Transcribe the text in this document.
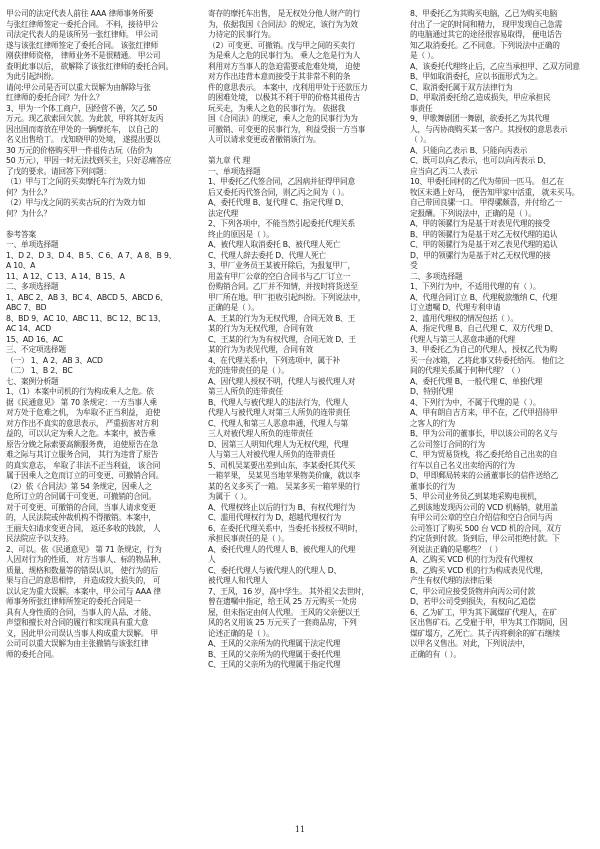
甲公司的法定代表人前往 AAA 律师事务所要
与张红律师签定一委托合同。 不料，接待甲公
司法定代表人的是该所另一张红律师。 甲公司
遂与该张红律师签定了委托合同。 该张红律师
刚获律师资格， 律师业务不是很精通。 甲公司
查明此事以后， 欲解除了该张红律师的委托合同。
为此引起纠纷。
请问:甲公司是否可以重大误解为由解除与张
红律师的委托合同？为什么？
3、甲为一个体工商户，因经营不善，欠乙 50
万元。现乙欲索回欠款。为此款，甲将其好友丙
因出国而寄放在甲处的一辆摩托车， 以自己的
名义出售给丁。 戊知晓甲的处境， 遂提出要以
30 万元的价格购买甲一件祖传古玩（估价为
50 万元），甲因一时无法找到买主，只好忍痛答应
了戊的要求。请回答下列问题：
（1）甲与丁之间的买卖摩托车行为效力如
何？为什么？
（2）甲与戊之间的买卖古玩的行为效力如
何？为什么？

参考答案
一、单项选择题
1、D 2、D 3、D 4、B 5、C 6、A 7、A 8、B 9、
A 10、A
11、A 12、C 13、A 14、B 15、A
二、多项选择题
1、ABC 2、AB 3、BC 4、ABCD 5、ABCD 6、
ABC 7、BD
8、BD 9、AC 10、ABC 11、BC 12、BC 13、
AC 14、ACD
15、AD 16、AC
三、不定项选择题
（一） 1、A 2、AB 3、ACD
（二） 1、B 2、BC
七、案例分析题
1、（1）本案中司机的行为构成乘人之危。依
据《民通意见》 第 70 条规定：一方当事人乘
对方处于危难之机， 为牟取不正当利益， 迫使
对方作出不真实的意思表示， 严重损害对方利
益的，可以认定为乘人之危。本案中，被告乘
原告分娩之际索要高额服务费， 迫使原告在急
难之际与其订立服务合同， 其行为违背了原告
的真实意志， 牟取了非法不正当利益， 该合同
属于因乘人之危而订立的可变更、可撤销合同。
（2）依《合同法》第 54 条规定，因乘人之
危所订立的合同属于可变更、可撤销的合同。
对于可变更、可撤销的合同，当事人请求变更
的，人民法院或仲裁机构不得撤销。本案中，
王丽夫妇请求变更合同， 返还多收的钱款， 人
民法院应予以支持。
2、可以。依《民通意见》 第 71 条规定，行为
人因对行为的性质、 对方当事人、标的物品种、
质量、规格和数量等的错误认识， 使行为的后
果与自己的意思相悖， 并造成较大损失的， 可
以认定为重大误解。本案中，甲公司与 AAA 律
师事务所张红律师所签定的委托合同是一
具有人身性质的合同，当事人的人品、才能、
声望和擅长对合同的履行和实现具有重大意
义，因此甲公司误认当事人构成重大误解。 甲
公司可以重大误解为由主张撤销与该张红律
师的委托合同。
寄存的摩托车出售， 是无权处分他人财产的行
为，依据我国《合同法》的规定，该行为为效
力待定的民事行为。
（2）可变更、可撤销。戊与甲之间的买卖行
为是乘人之危的民事行为。 乘人之危是行为人
利用对方当事人的急迫需要或危难处境， 迫使
对方作出违背本意而接受于其非常不利的条
件的意思表示。 本案中，戊利用甲处于还款压力
的困难处境， 以极其不利于甲的价格其祖传古
玩买走，为乘人之危的民事行为。 依据我
国《合同法》的规定，乘人之危的民事行为为
可撤销、可变更的民事行为，利益受损一方当事
人可以请求变更或者撤销该行为。

第九章 代 理
一、单项选择题
1、甲委托乙代签合同，乙因病并征得甲同意
后又委托丙代签合同，则乙丙之间为（ ）。
A、委托代理 B、复代理 C、指定代理 D、
法定代理
2、下列各项中，不能当然引起委托代理关系
终止的原因是（ ）。
A、被代理人取消委托 B、被代理人死亡
C、代理人辞去委托 D、代理人死亡
3、甲厂业务员王某被开除后，为报复甲厂，
用盖有甲厂公章的空白合同书与乙厂订立一
份购销合同。乙厂并不知情，并按时将货送至
甲厂所在地。甲厂拒收引起纠纷。下列说法中，
正确的是（ ）。
A、王某的行为为无权代理，合同无效 B、王
某的行为为无权代理，合同有效
C、王某的行为为有权代理，合同无效 D、王
某的行为为表见代理，合同有效
4、在代理关系中，下列选项中，属于补
充的连带责任的是（ ）。
A、因代理人授权不明，代理人与被代理人对
第三人所负的连带责任
B、代理人与被代理人的违法行为，代理人
代理人与被代理人对第三人所负的连带责任
C、代理人和第三人恶意串通，代理人与第
三人对被代理人所负的连带责任
D、因第三人明知代理人为无权代理，代理
人与第三人对被代理人所负的连带责任
5、司机吴某要出差到山东，李某委托其代买
一箱苹果， 吴某见当地苹果物美价廉，就以李
某的名义多买了一箱。 吴某多买一箱苹果的行
为属于（ ）。
A、代理权终止以后的行为 B、有权代理行为
C、滥用代理权行为 D、超越代理权行为
6、在委托代理关系中，当委托书授权不明时，
承担民事责任的是（ ）。
A、委托代理人的代理人 B、被代理人的代理
人
C、委托代理人与被代理人的代理人 D、
被代理人和代理人
7、王风，16 岁，高中学生。 其外祖父去世时，
曾在遗嘱中指定，给王风 25 万元购买一处房
屋，但未指定由何人代理。 王风的父亲便以王
风的名义用该 25 万元买了一套商品房，下列
论述正确的是（ ）。
A、王风的父亲所为的代理属于法定代理
B、王风的父亲所为的代理属于委托代理
C、王风的父亲所为的代理属于指定代理
8、甲委托乙为其购买电脑，乙已为购买电脑
付出了一定的时间和精力， 现甲发现自己急需
的电脑通过其它的途径很容易取得， 便电话告
知乙取消委托。乙不同意。下列说法中正确的
是（ ）。
A、该委托代理终止后，乙应当承担甲、乙双方同意
B、甲如取消委托，应以书面形式为之。
C、取消委托属于双方法律行为
D、甲取消委托给乙造成损失，甲应承担民
事责任
9、甲歌舞剧团一舞剧，欲委托乙为其代理
人，与丙协商购买某一客户。其授权的意思表示
（ ）。
A、只能向乙表示 B、只能向丙表示
C、既可以向乙表示，也可以向丙表示 D、
应当向乙丙二人表示
10、甲委托同村的乙代为带回一匹马。 但乙在
牧区未遇上好马， 便告知甲家中活重， 就未买马。
自己带回良骡一口。 甲得骡颇喜，并付给乙一
定报酬。下列说法中，正确的是（ ）。
A、甲的领骡行为是基于对表见代理的接受
B、甲的领骡行为是基于对乙无权代理的追认
C、甲的领骡行为是基于对乙表见代理的追认
D、甲的领骡行为是基于对乙无权代理的接
受
二、多项选择题
1、下列行为中，不适用代理的有（ ）。
A、代理合同订立 B、代理税款缴纳 C、代理
订立遗嘱 D、代理专利申请
2、滥用代理权的情况包括（ ）。
A、指定代理 B、自己代理 C、双方代理 D、
代理人与第三人恶意串通的代理
3、甲委托乙为自己的代理人，授权乙代为购
买一台冰箱， 乙将此事又转委托给丙。 他们之
间的代理关系属于何种代理？（ ）
A、委托代理 B、一般代理 C、单独代理
D、特别代理
4、下列行为中，不属于代理的是（ ）。
A、甲有朗自吉方来，甲不在，乙代甲招待甲
之客人的行为
B、甲为公司的董事长，甲以该公司的名义与
乙公司签订合同的行为
C、甲为贸易货栈，将乙委托给自己出卖的自
行车以自己名义出卖给丙的行为
D、甲即郵局转来的公函董事长的信件送给乙
董事长的行为
5、甲公司业务员乙到某地采购电视机，
乙到该地发现丙公司的 VCD 机畅销，就用盖
有甲公司公章的空白介绍信和空白合同与丙
公司签订了购买 500 台 VCD 机的合同，双方
约定货到付款。货到后，甲公司拒绝付款。下
列说法正确的是哪些？（ ）
A、乙购买 VCD 机的行为没有代理权
B、乙购买 VCD 机的行为构成表见代理，
产生有权代理的法律后果
C、甲公司应接受货物并向丙公司付款
D、若甲公司受到损失，有权向乙追偿
6、乙为矿工，甲为其下属煤矿代理人，在矿
区出售矿石。乙受雇于甲，甲为其工作期间，因
煤矿塌方，乙死亡。其子丙将剩余的矿石继续
以甲名义售出。对此，下列说法中，
正确的有（ ）。
11
